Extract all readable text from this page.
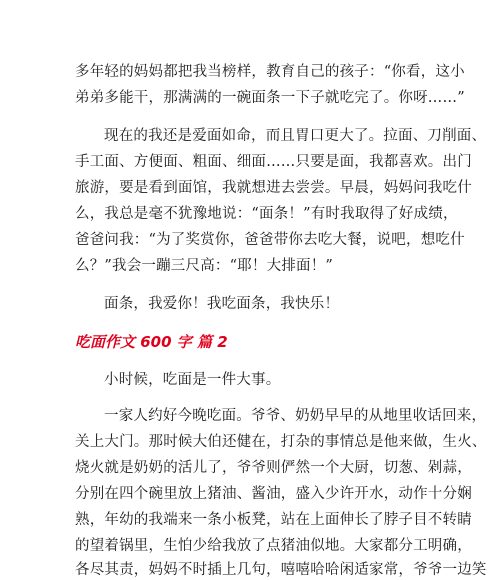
多年轻的妈妈都把我当榜样，教育自己的孩子：“你看，这小
弟弟多能干，那满满的一碗面条一下子就吃完了。你呀……”
现在的我还是爱面如命，而且胃口更大了。拉面、刀削面、
手工面、方便面、粗面、细面……只要是面，我都喜欢。出门
旅游，要是看到面馆，我就想进去尝尝。早晨，妈妈问我吃什
么，我总是毫不犹豫地说：“面条！”有时我取得了好成绩，
爸爸问我：“为了奖赏你，爸爸带你去吃大餐，说吧，想吃什
么？”我会一蹦三尺高：“耶！大排面！”
面条，我爱你！我吃面条，我快乐！
吃面作文 600 字 篇 2
小时候，吃面是一件大事。
一家人约好今晚吃面。爷爷、奶奶早早的从地里收话回来，
关上大门。那时候大伯还健在，打杂的事情总是他来做，生火、
烧火就是奶奶的活儿了，爷爷则俨然一个大厨，切葱、剁蒜，
分别在四个碗里放上猪油、酱油，盛入少许开水，动作十分娴
熟，年幼的我端来一条小板凳，站在上面伸长了脖子目不转睛
的望着锅里，生怕少给我放了点猪油似地。大家都分工明确，
各尽其责，妈妈不时插上几句，嘻嘻哈哈闲适家常，爷爷一边笑
